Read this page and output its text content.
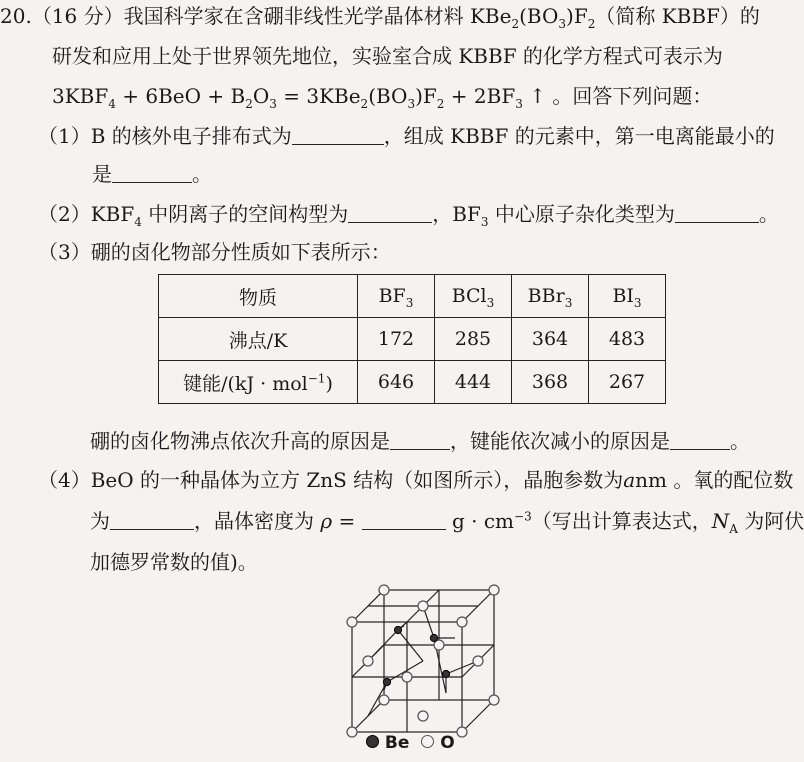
20.（16 分）我国科学家在含硼非线性光学晶体材料 $KBe_2(BO_3)F_2$（简称 KBBF）的
研发和应用上处于世界领先地位，实验室合成 KBBF 的化学方程式可表示为
$3KBF_4 + 6BeO + B_2O_3 = 3KBe_2(BO_3)F_2 + 2BF_3$ ↑ 。回答下列问题：
（1）B 的核外电子排布式为	，组成 KBBF 的元素中，第一电离能最小的
是	。
$(2)KBF_4$ 中阴离子的空间构型为	，$BF_3$ 中心原子杂化类型为	。
（3）硼的卤化物部分性质如下表所示：
物质	$BF_3$	BCl$_3$	BBr$_3$	$BI_3$
沸点/K	172	285	364	483
键能/(kJ · mol$^{-1}$)	646	444	368	267
硼的卤化物沸点依次升高的原因是	，键能依次减小的原因是	。
（4）BeO 的一种晶体为立方 ZnS 结构（如图所示），晶胞参数为anm 。氧的配位数
为	，晶体密度为 ρ =	$g \cdot cm^{-3}$（写出计算表达式，$N_A$ 为阿伏
加德罗常数的值)。
Be O
